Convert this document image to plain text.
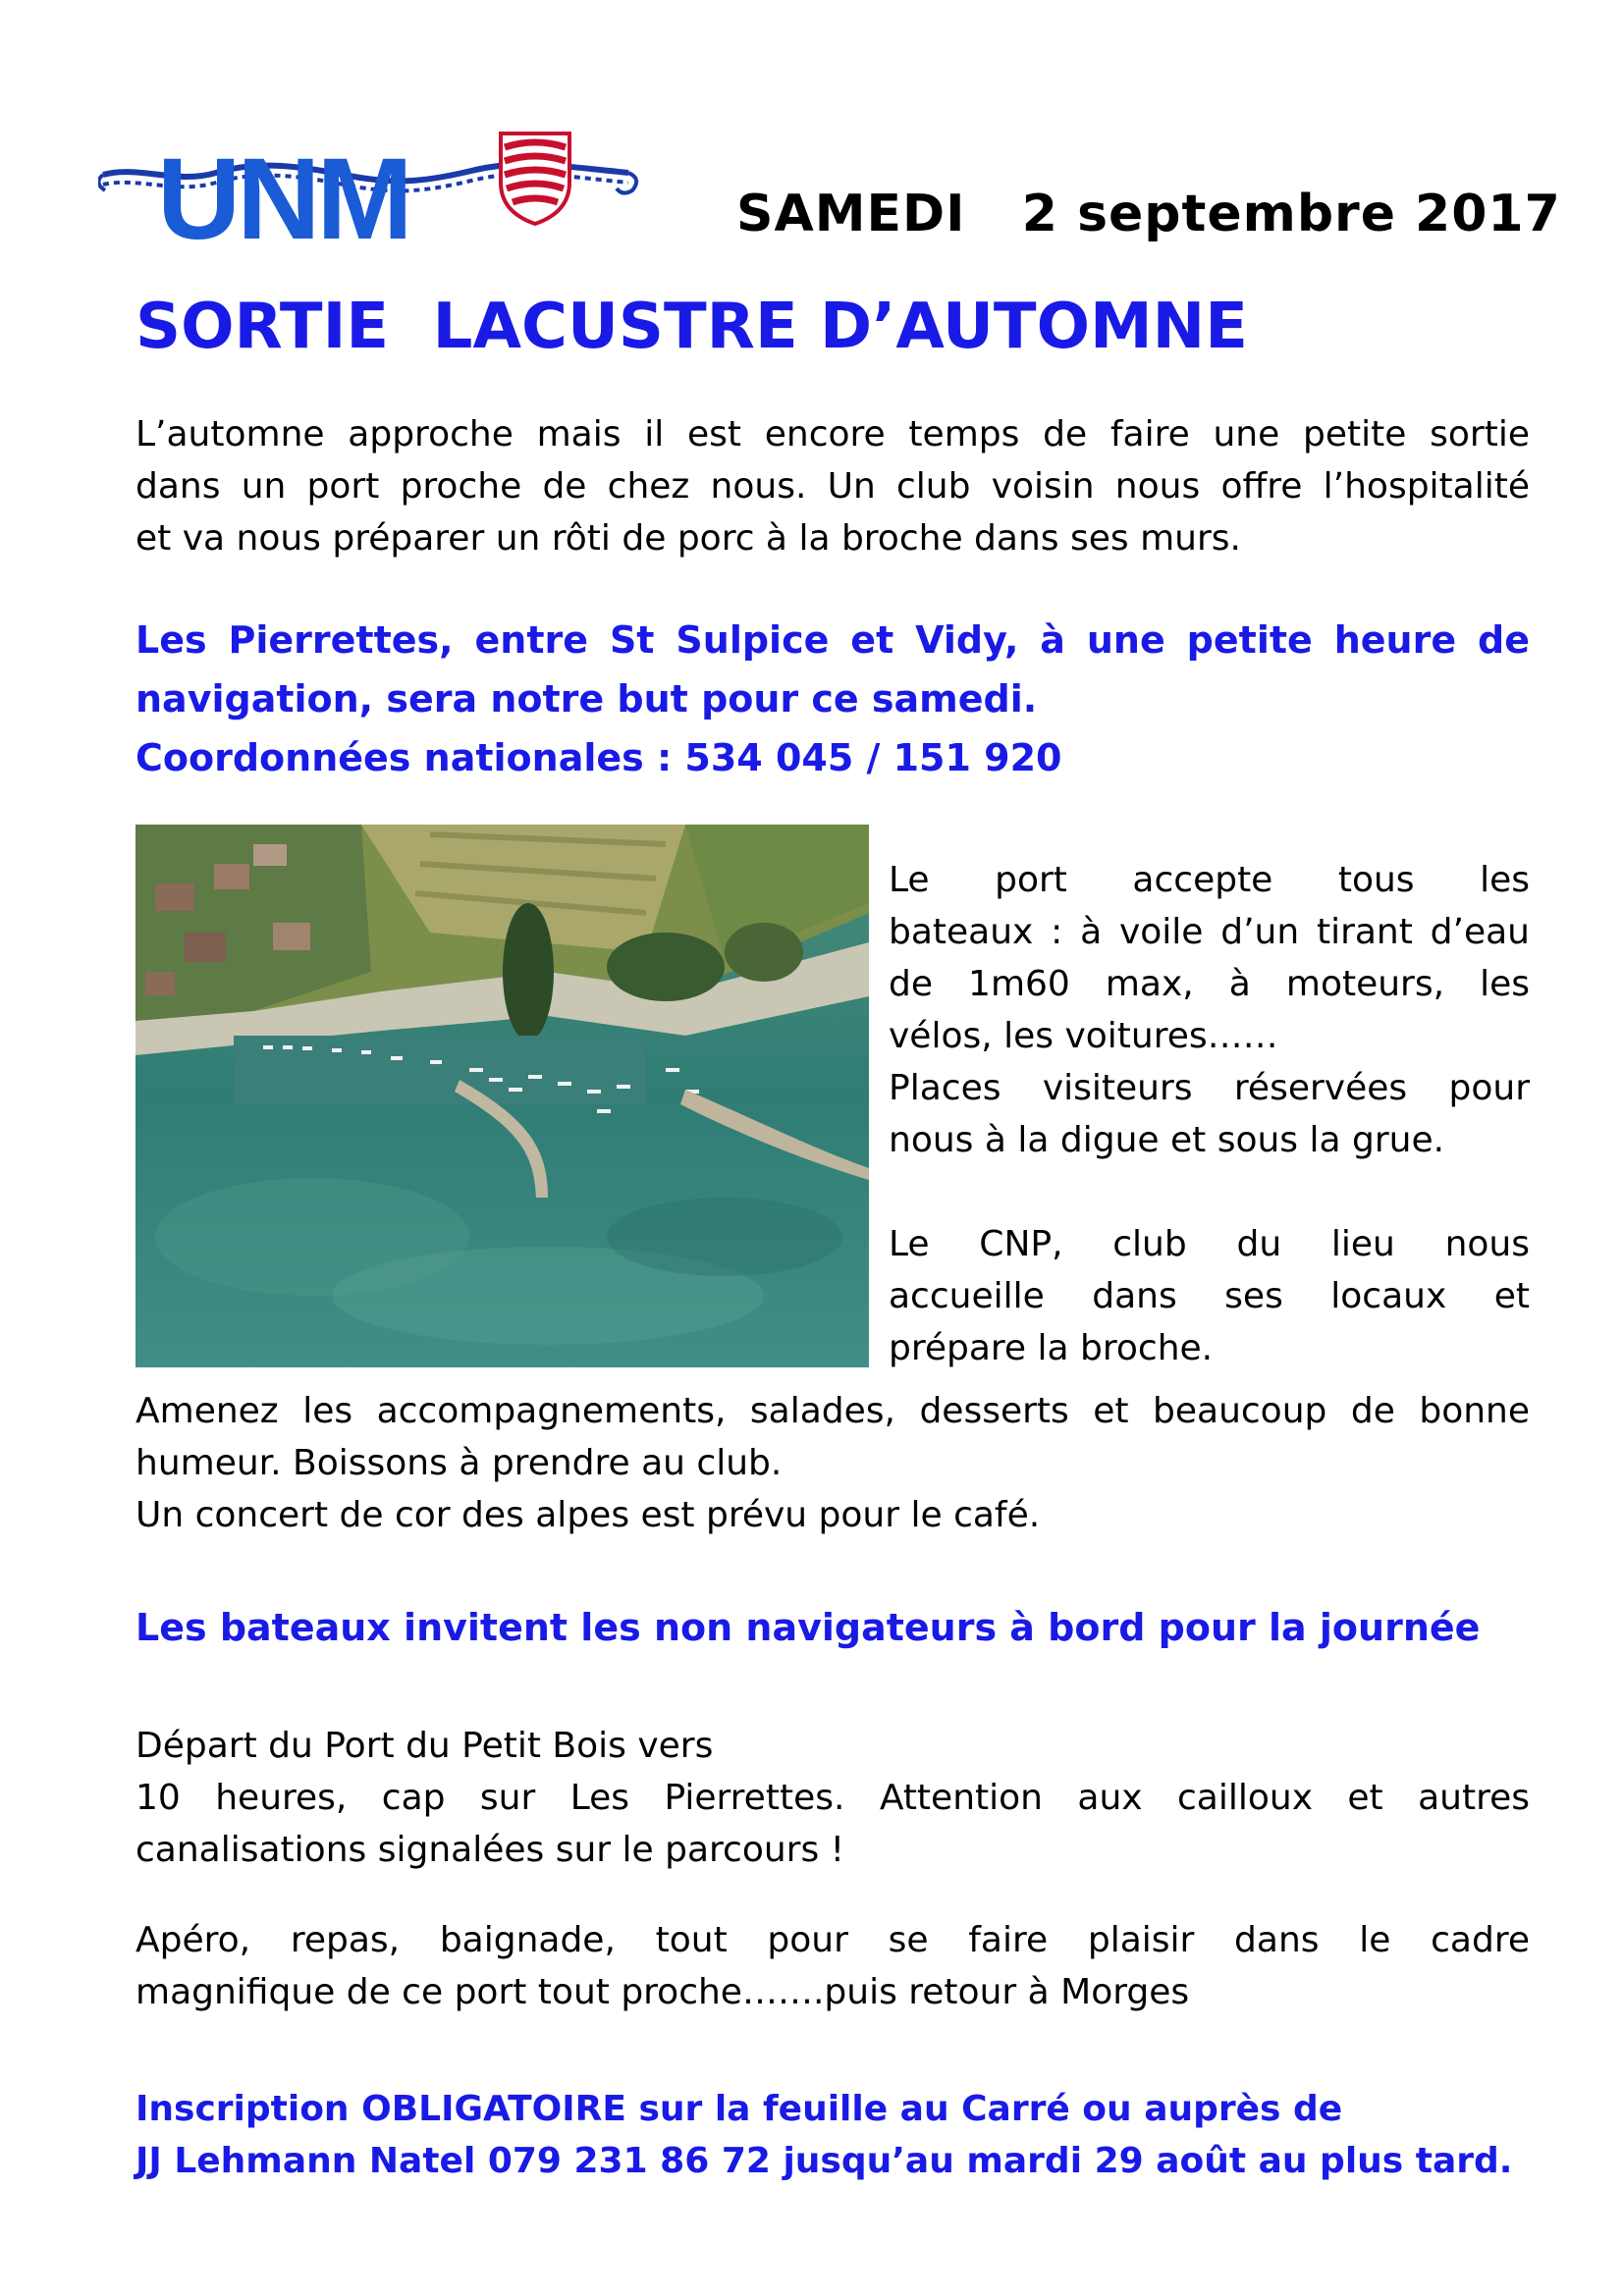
UNM	SAMEDI   2 septembre 2017
SORTIE  LACUSTRE D’AUTOMNE
L’automne approche mais il est encore temps de faire une petite sortie
dans un port proche de chez nous. Un club voisin nous offre l’hospitalité
et va nous préparer un rôti de porc à la broche dans ses murs.
Les Pierrettes, entre St Sulpice et Vidy, à une petite heure de
navigation, sera notre but pour ce samedi.
Coordonnées nationales : 534 045 / 151 920
Le port accepte tous les
bateaux : à voile d’un tirant d’eau
de 1m60 max, à moteurs, les
vélos, les voitures……
Places visiteurs réservées pour
nous à la digue et sous la grue.
Le CNP, club du lieu nous
accueille dans ses locaux et
prépare la broche.
Amenez les accompagnements, salades, desserts et beaucoup de bonne
humeur. Boissons à prendre au club.
Un concert de cor des alpes est prévu pour le café.
Les bateaux invitent les non navigateurs à bord pour la journée
Départ du Port du Petit Bois vers
10 heures, cap sur Les Pierrettes. Attention aux cailloux et autres
canalisations signalées sur le parcours !
Apéro, repas, baignade, tout pour se faire plaisir dans le cadre
magnifique de ce port tout proche…….puis retour à Morges
Inscription OBLIGATOIRE sur la feuille au Carré ou auprès de
JJ Lehmann Natel 079 231 86 72 jusqu’au mardi 29 août au plus tard.
